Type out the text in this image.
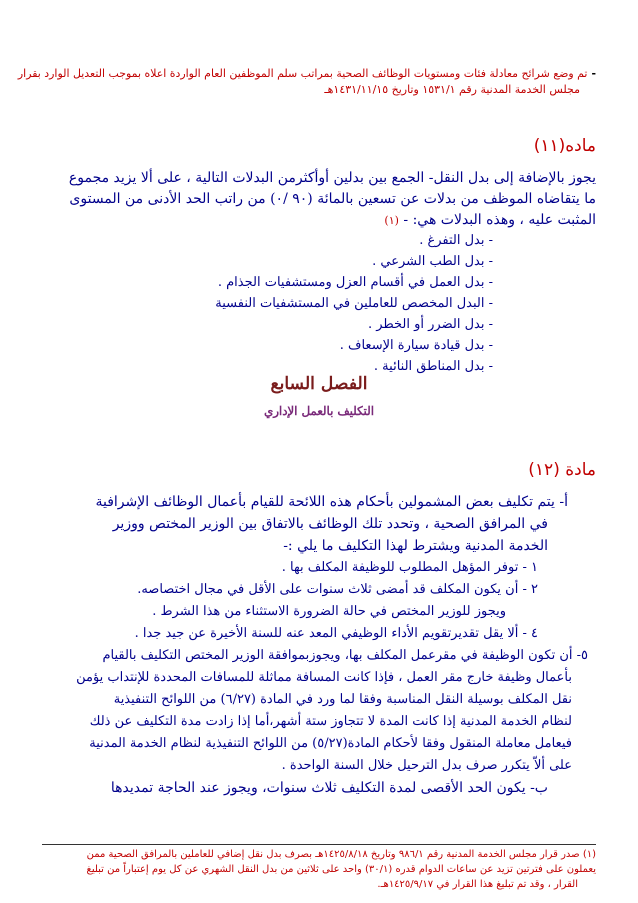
-تم وضع شرائح معادلة فئات ومستويات الوظائف الصحية بمراتب سلم الموظفين العام الواردة اعلاه بموجب التعديل الوارد بقرار
مجلس الخدمة المدنية رقم ١٥٣١/١ وتاريخ ١٤٣١/١١/١٥هـ
ماده(١١)
يجوز بالإضافة إلى بدل النقل- الجمع بين بدلين أوأكثرمن البدلات التالية ، على ألا يزيد مجموع
ما يتقاضاه الموظف من بدلات عن تسعين بالمائة (٩٠ /٠) من راتب الحد الأدنى من المستوى
المثبت عليه ، وهذه البدلات هي: - (١)
- بدل التفرغ .
- بدل الطب الشرعي .
- بدل العمل في أقسام العزل ومستشفيات الجذام .
- البدل المخصص للعاملين في المستشفيات النفسية
- بدل الضرر أو الخطر .
- بدل قيادة سيارة الإسعاف .
- بدل المناطق النائية .
الفصل السابع
التكليف بالعمل الإداري
مادة (١٢)
أ- يتم تكليف بعض المشمولين بأحكام هذه اللائحة للقيام بأعمال الوظائف الإشرافية
في المرافق الصحية ، وتحدد تلك الوظائف بالاتفاق بين الوزير المختص ووزير
الخدمة المدنية ويشترط لهذا التكليف ما يلي :-
١ - توفر المؤهل المطلوب للوظيفة المكلف بها .
٢ - أن يكون المكلف قد أمضى ثلاث سنوات على الأقل في مجال اختصاصه.
ويجوز للوزير المختص في حالة الضرورة الاستثناء من هذا الشرط .
٤ - ألا يقل تقديرتقويم الأداء الوظيفي المعد عنه للسنة الأخيرة عن جيد جدا .
٥- أن تكون الوظيفة في مقرعمل المكلف بها، ويجوزبموافقة الوزير المختص التكليف بالقيام
بأعمال وظيفة خارج مقر العمل ، فإذا كانت المسافة مماثلة للمسافات المحددة للإنتداب يؤمن
نقل المكلف بوسيلة النقل المناسبة وفقا لما ورد في المادة (٦/٢٧) من اللوائح التنفيذية
لنظام الخدمة المدنية إذا كانت المدة لا تتجاوز ستة أشهر،أما إذا زادت مدة التكليف عن ذلك
فيعامل معاملة المنقول وفقا لأحكام المادة(٥/٢٧) من اللوائح التنفيذية لنظام الخدمة المدنية
على ألاّ يتكرر صرف بدل الترحيل خلال السنة الواحدة .
ب- يكون الحد الأقصى لمدة التكليف ثلاث سنوات، ويجوز عند الحاجة تمديدها
(١) صدر قرار مجلس الخدمة المدنية رقم ٩٨٦/١ وتاريخ ١٤٢٥/٨/١٨هـ بصرف بدل نقل إضافي للعاملين بالمرافق الصحية ممن
يعملون على فترتين تزيد عن ساعات الدوام قدره (٣٠/١) واحد على ثلاثين من بدل النقل الشهري عن كل يوم إعتباراً من تبليغ
القرار ، وقد تم تبليغ هذا القرار في ١٤٢٥/٩/١٧هـ.
